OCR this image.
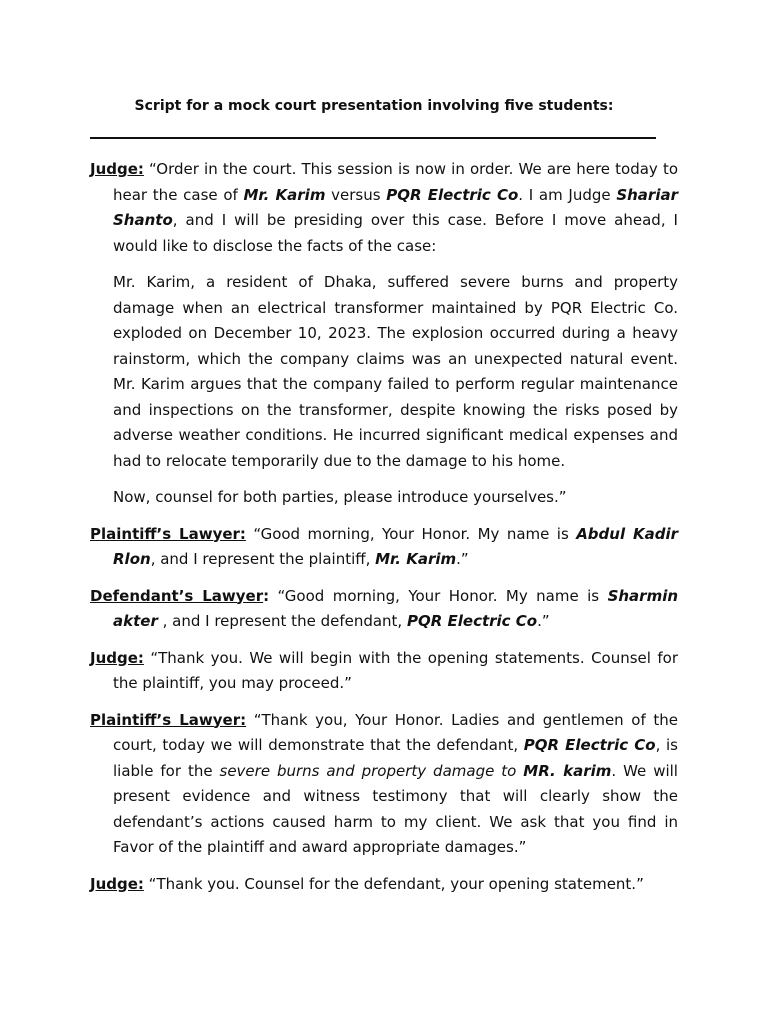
Script for a mock court presentation involving five students:

Judge: “Order in the court. This session is now in order. We are here today to hear the case of Mr. Karim versus PQR Electric Co. I am Judge Shariar Shanto, and I will be presiding over this case. Before I move ahead, I would like to disclose the facts of the case:

Mr. Karim, a resident of Dhaka, suffered severe burns and property damage when an electrical transformer maintained by PQR Electric Co. exploded on December 10, 2023. The explosion occurred during a heavy rainstorm, which the company claims was an unexpected natural event. Mr. Karim argues that the company failed to perform regular maintenance and inspections on the transformer, despite knowing the risks posed by adverse weather conditions. He incurred significant medical expenses and had to relocate temporarily due to the damage to his home.

Now, counsel for both parties, please introduce yourselves.”

Plaintiff’s Lawyer: “Good morning, Your Honor. My name is Abdul Kadir Rlon, and I represent the plaintiff, Mr. Karim.”

Defendant’s Lawyer: “Good morning, Your Honor. My name is Sharmin akter , and I represent the defendant, PQR Electric Co.”

Judge: “Thank you. We will begin with the opening statements. Counsel for the plaintiff, you may proceed.”

Plaintiff’s Lawyer: “Thank you, Your Honor. Ladies and gentlemen of the court, today we will demonstrate that the defendant, PQR Electric Co, is liable for the severe burns and property damage to MR. karim. We will present evidence and witness testimony that will clearly show the defendant’s actions caused harm to my client. We ask that you find in Favor of the plaintiff and award appropriate damages.”

Judge: “Thank you. Counsel for the defendant, your opening statement.”
